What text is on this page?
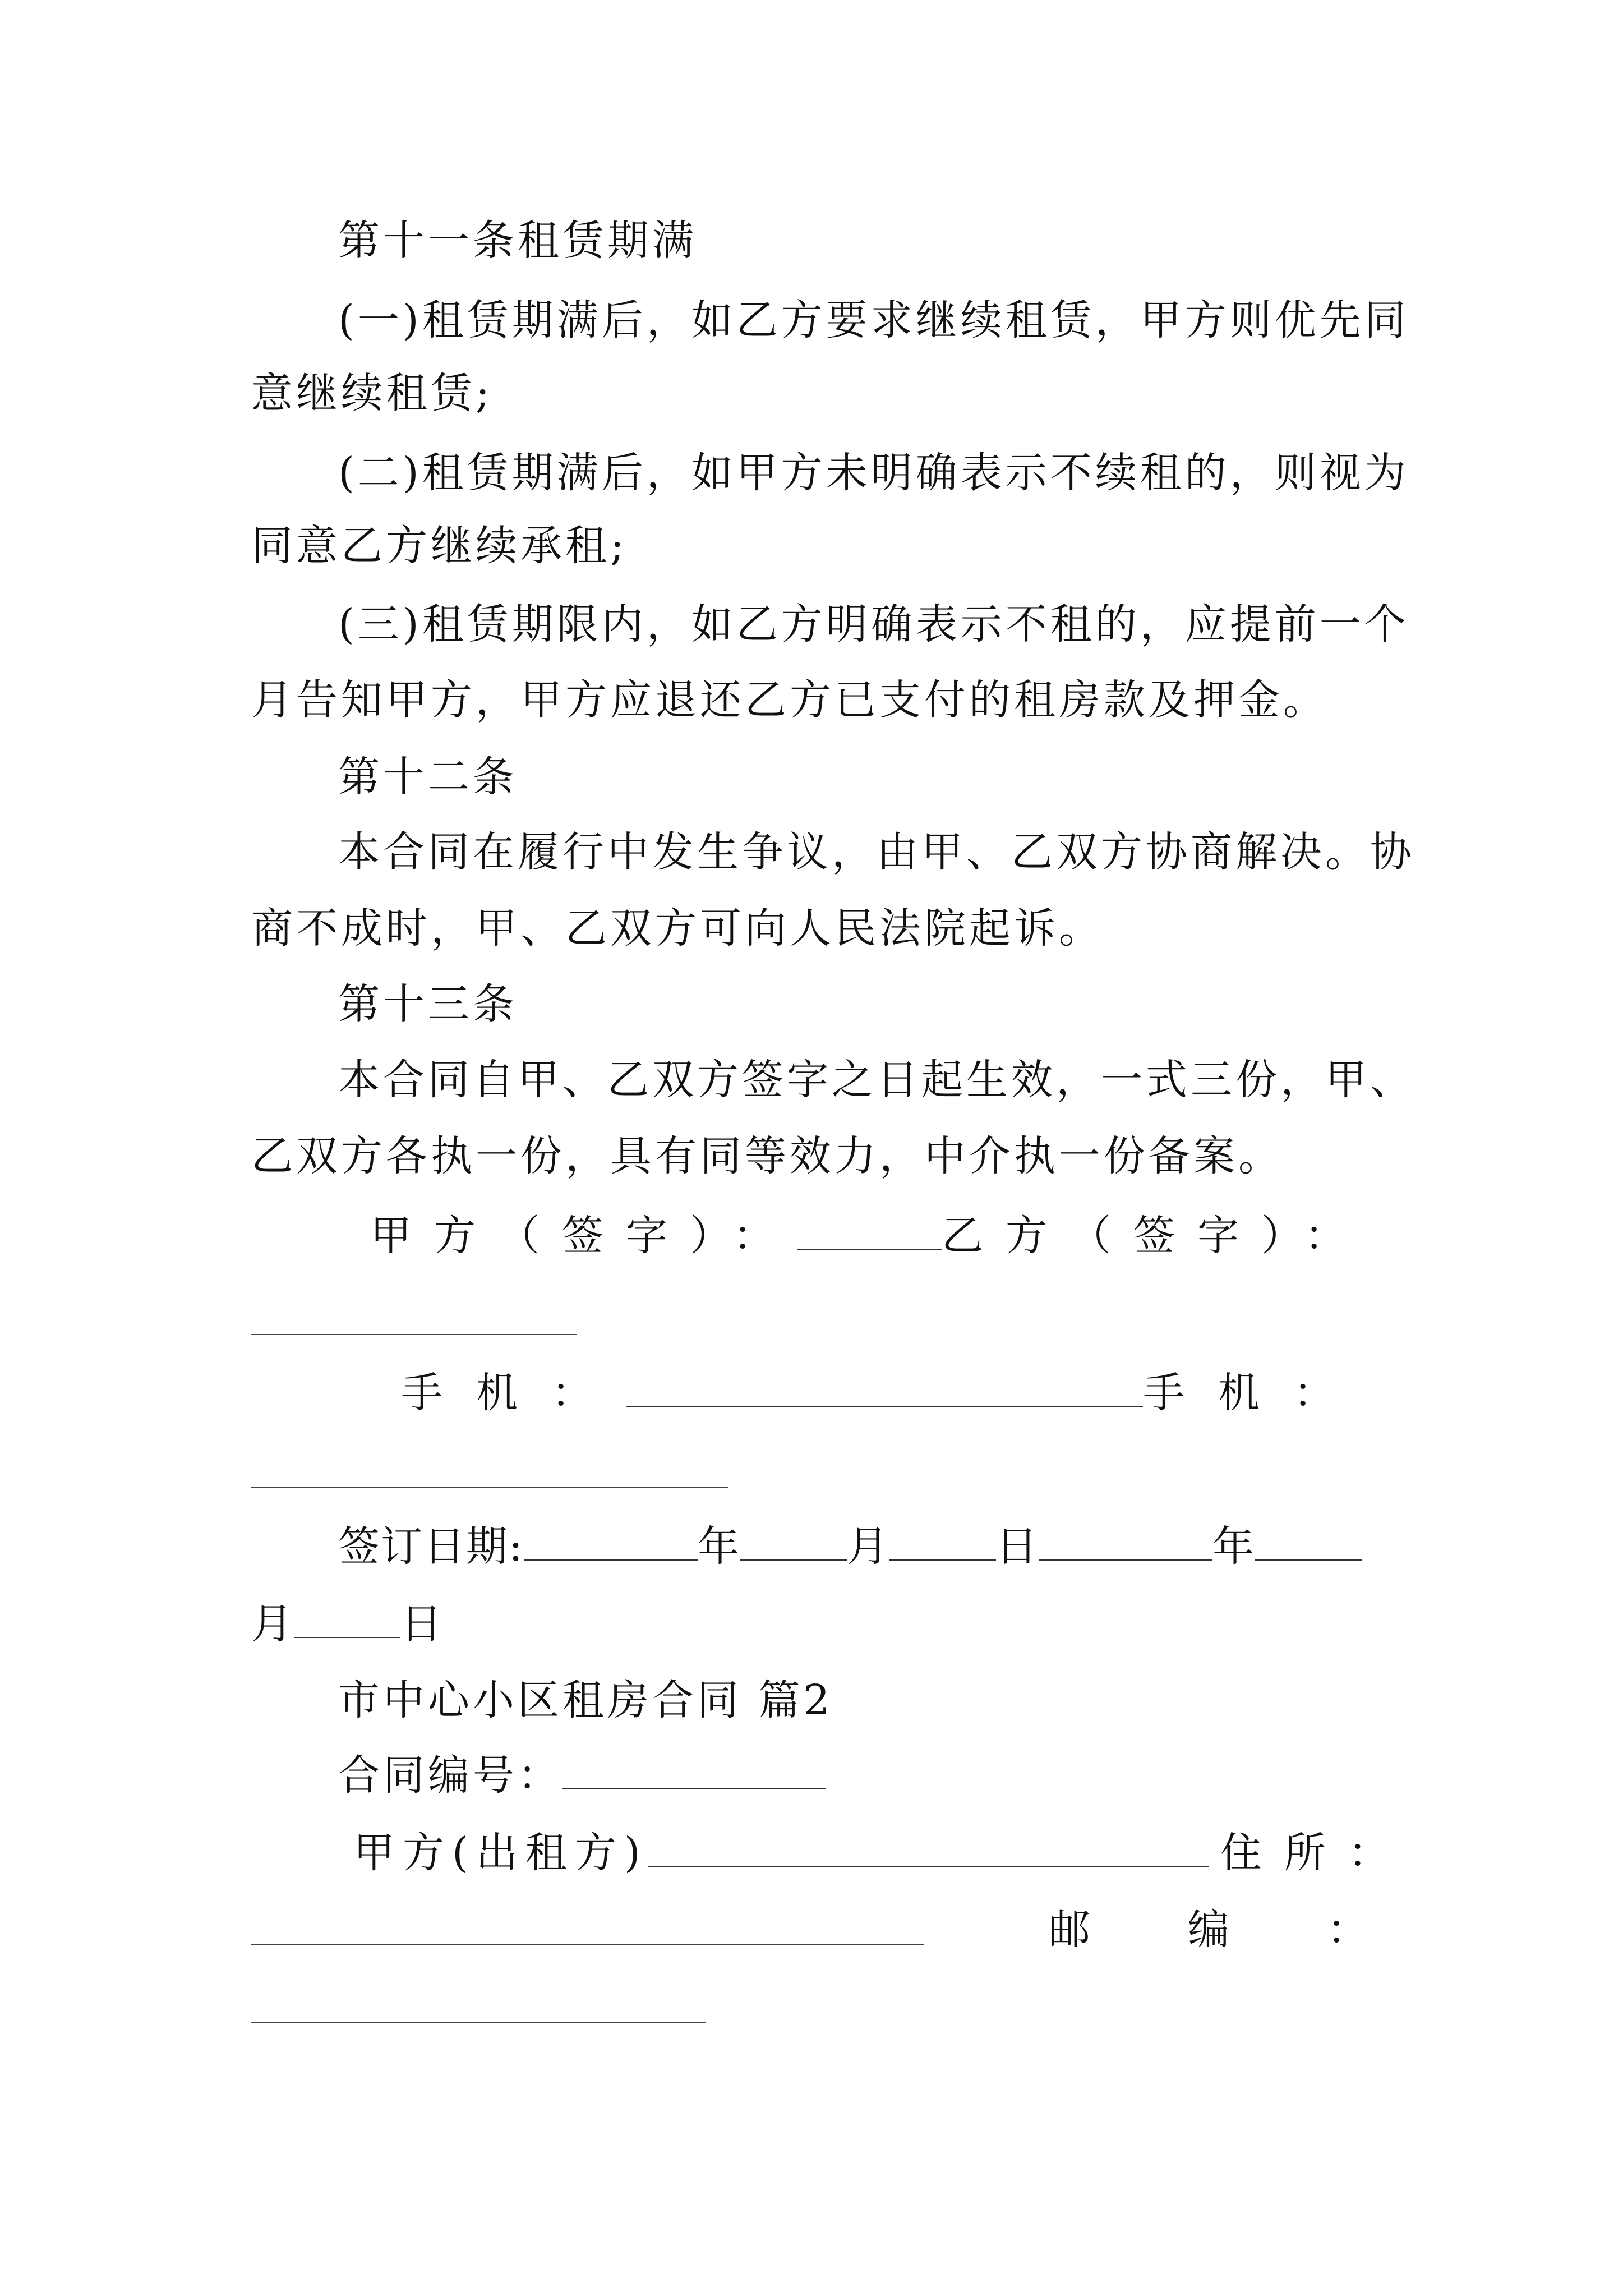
第十一条租赁期满
(一)租赁期满后，如乙方要求继续租赁，甲方则优先同
意继续租赁;
(二)租赁期满后，如甲方未明确表示不续租的，则视为
同意乙方继续承租;
(三)租赁期限内，如乙方明确表示不租的，应提前一个
月告知甲方，甲方应退还乙方已支付的租房款及押金。
第十二条
本合同在履行中发生争议，由甲、乙双方协商解决。协
商不成时，甲、乙双方可向人民法院起诉。
第十三条
本合同自甲、乙双方签字之日起生效，一式三份，甲、
乙双方各执一份，具有同等效力，中介执一份备案。
甲方（签字）：	乙方（签字）：
手机：	手机：
签订日期:	年	月	日	年
月	日
市中心小区租房合同 篇2
合同编号：
甲方(出租方)	住所：
邮 编 ：
